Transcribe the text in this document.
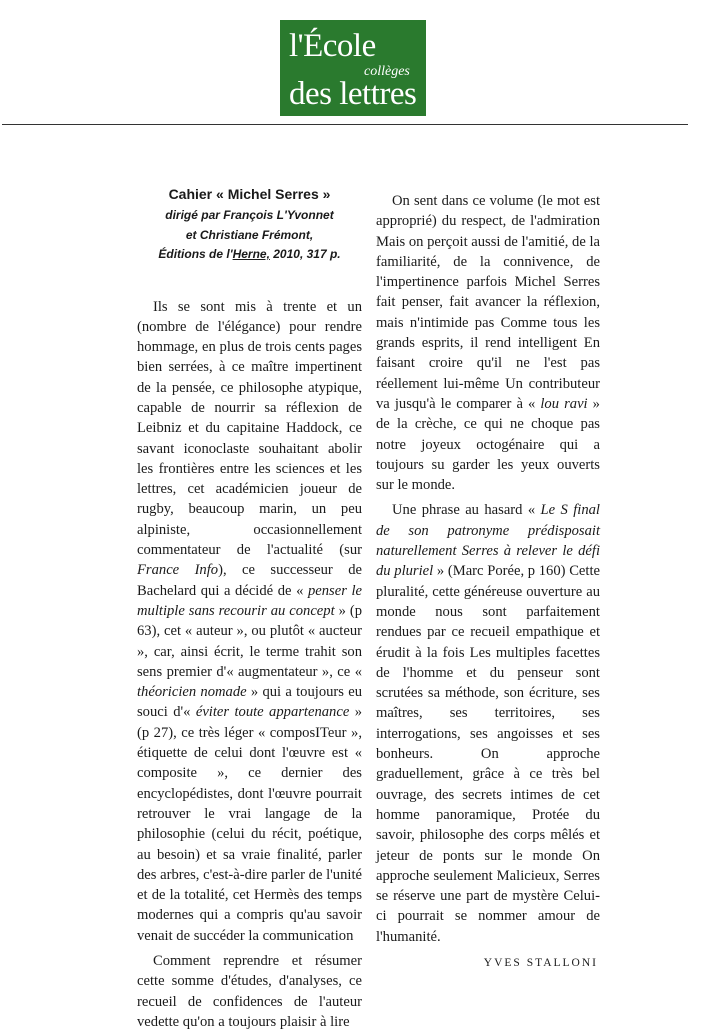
l'École
collèges
des lettres
Cahier « Michel Serres »
dirigé par François L'Yvonnet
et Christiane Frémont,
Éditions de l'Herne, 2010, 317 p.

Ils se sont mis à trente et un (nombre de l'élégance) pour rendre hommage, en plus de trois cents pages bien serrées, à ce maître impertinent de la pensée, ce philosophe atypique, capable de nourrir sa réflexion de Leibniz et du capitaine Haddock, ce savant iconoclaste souhaitant abolir les frontières entre les sciences et les lettres, cet académicien joueur de rugby, beaucoup marin, un peu alpiniste, occasionnellement commentateur de l'actualité (sur France Info), ce successeur de Bachelard qui a décidé de « penser le multiple sans recourir au concept » (p 63), cet « auteur », ou plutôt « aucteur », car, ainsi écrit, le terme trahit son sens premier d'« augmentateur », ce « théoricien nomade » qui a toujours eu souci d'« éviter toute appartenance » (p 27), ce très léger « composITeur », étiquette de celui dont l'œuvre est « composite », ce dernier des encyclopédistes, dont l'œuvre pourrait retrouver le vrai langage de la philosophie (celui du récit, poétique, au besoin) et sa vraie finalité, parler des arbres, c'est-à-dire parler de l'unité et de la totalité, cet Hermès des temps modernes qui a compris qu'au savoir venait de succéder la communication

Comment reprendre et résumer cette somme d'études, d'analyses, ce recueil de confidences de l'auteur vedette qu'on a toujours plaisir à lire

On sent dans ce volume (le mot est approprié) du respect, de l'admiration Mais on perçoit aussi de l'amitié, de la familiarité, de la connivence, de l'impertinence parfois Michel Serres fait penser, fait avancer la réflexion, mais n'intimide pas Comme tous les grands esprits, il rend intelligent En faisant croire qu'il ne l'est pas réellement lui-même Un contributeur va jusqu'à le comparer à « lou ravi » de la crèche, ce qui ne choque pas notre joyeux octogénaire qui a toujours su garder les yeux ouverts sur le monde.

Une phrase au hasard « Le S final de son patronyme prédisposait naturellement Serres à relever le défi du pluriel » (Marc Porée, p 160) Cette pluralité, cette généreuse ouverture au monde nous sont parfaitement rendues par ce recueil empathique et érudit à la fois Les multiples facettes de l'homme et du penseur sont scrutées sa méthode, son écriture, ses maîtres, ses territoires, ses interrogations, ses angoisses et ses bonheurs. On approche graduellement, grâce à ce très bel ouvrage, des secrets intimes de cet homme panoramique, Protée du savoir, philosophe des corps mêlés et jeteur de ponts sur le monde On approche seulement Malicieux, Serres se réserve une part de mystère Celui-ci pourrait se nommer amour de l'humanité.

YVES STALLONI
